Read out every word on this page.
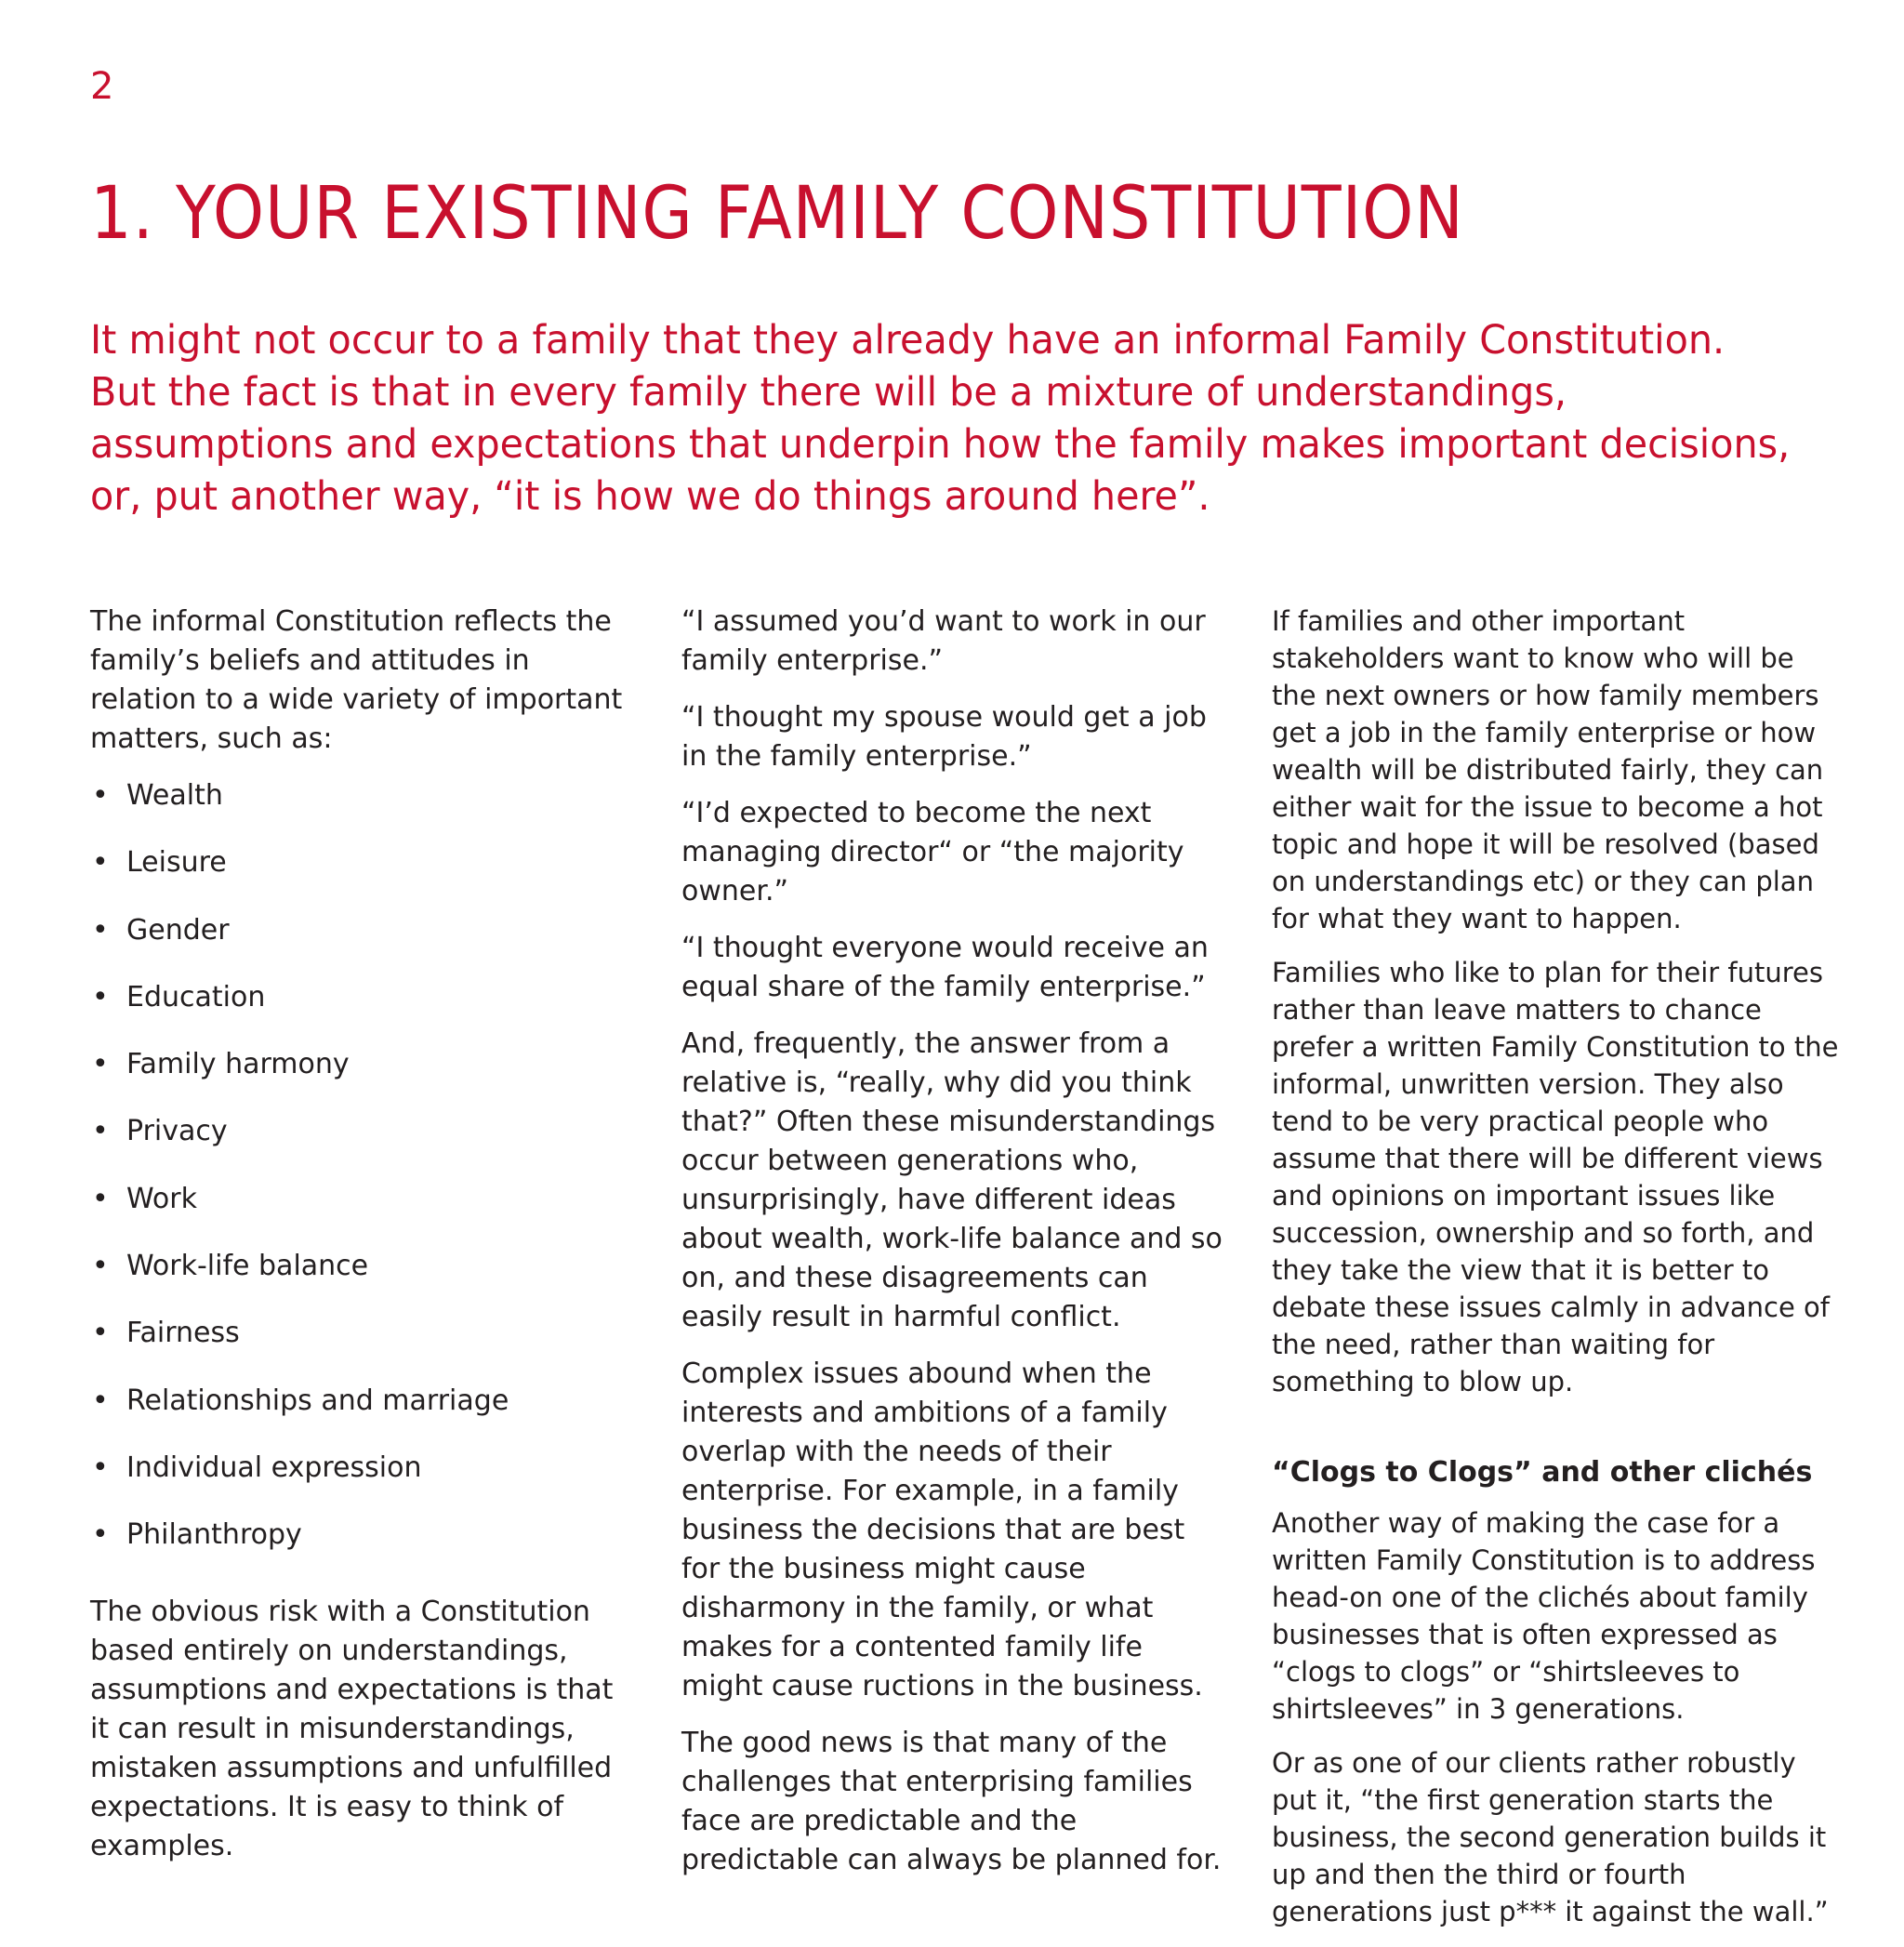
2
1. YOUR EXISTING FAMILY CONSTITUTION

It might not occur to a family that they already have an informal Family Constitution. But the fact is that in every family there will be a mixture of understandings, assumptions and expectations that underpin how the family makes important decisions, or, put another way, “it is how we do things around here”.

The informal Constitution reflects the family’s beliefs and attitudes in relation to a wide variety of important matters, such as:

• Wealth
• Leisure
• Gender
• Education
• Family harmony
• Privacy
• Work
• Work-life balance
• Fairness
• Relationships and marriage
• Individual expression
• Philanthropy

The obvious risk with a Constitution based entirely on understandings, assumptions and expectations is that it can result in misunderstandings, mistaken assumptions and unfulfilled expectations. It is easy to think of examples.

“I assumed you’d want to work in our family enterprise.”

“I thought my spouse would get a job in the family enterprise.”

“I’d expected to become the next managing director“ or “the majority owner.”

“I thought everyone would receive an equal share of the family enterprise.”

And, frequently, the answer from a relative is, “really, why did you think that?” Often these misunderstandings occur between generations who, unsurprisingly, have different ideas about wealth, work-life balance and so on, and these disagreements can easily result in harmful conflict.

Complex issues abound when the interests and ambitions of a family overlap with the needs of their enterprise. For example, in a family business the decisions that are best for the business might cause disharmony in the family, or what makes for a contented family life might cause ructions in the business.

The good news is that many of the challenges that enterprising families face are predictable and the predictable can always be planned for.

If families and other important stakeholders want to know who will be the next owners or how family members get a job in the family enterprise or how wealth will be distributed fairly, they can either wait for the issue to become a hot topic and hope it will be resolved (based on understandings etc) or they can plan for what they want to happen.

Families who like to plan for their futures rather than leave matters to chance prefer a written Family Constitution to the informal, unwritten version. They also tend to be very practical people who assume that there will be different views and opinions on important issues like succession, ownership and so forth, and they take the view that it is better to debate these issues calmly in advance of the need, rather than waiting for something to blow up.

“Clogs to Clogs” and other clichés

Another way of making the case for a written Family Constitution is to address head-on one of the clichés about family businesses that is often expressed as “clogs to clogs” or “shirtsleeves to shirtsleeves” in 3 generations.

Or as one of our clients rather robustly put it, “the first generation starts the business, the second generation builds it up and then the third or fourth generations just p*** it against the wall.”
